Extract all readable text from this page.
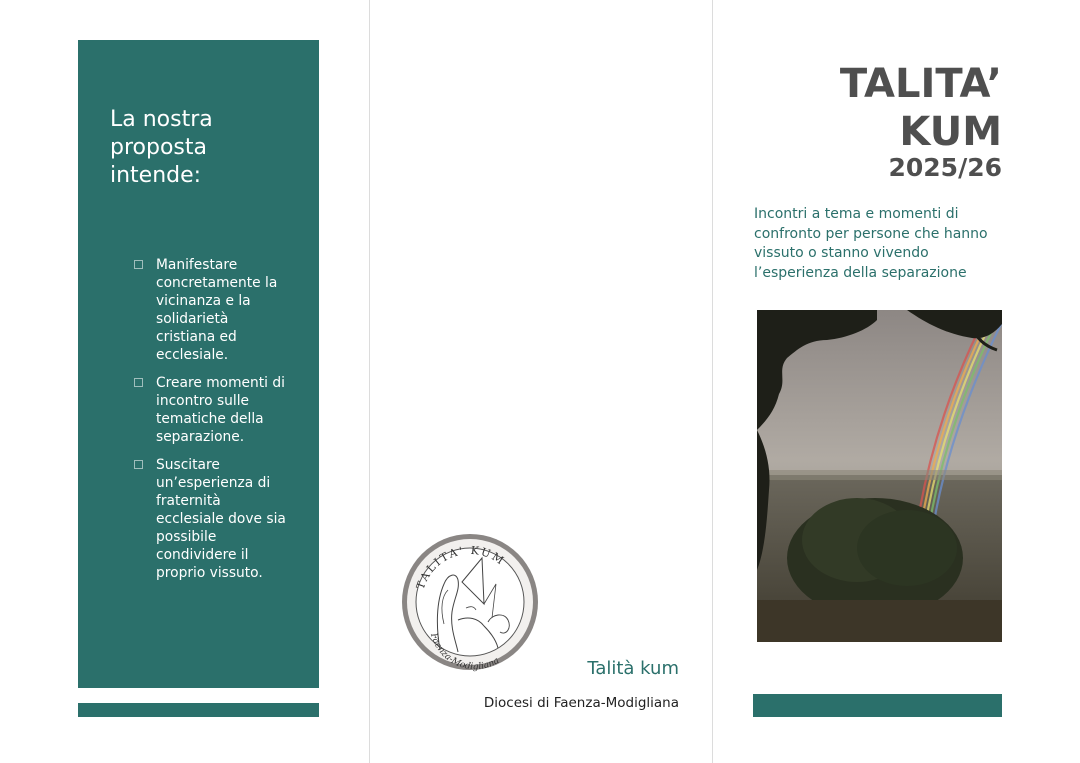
La nostra
proposta
intende:
Manifestare
concretamente la
vicinanza e la
solidarietà
cristiana ed
ecclesiale.
Creare momenti di
incontro sulle
tematiche della
separazione.
Suscitare
un’esperienza di
fraternità
ecclesiale dove sia
possibile
condividere il
proprio vissuto.
TALITA' KUM
Faenza-Modigliana	Talità kum
Diocesi di Faenza-Modigliana
TALITA’
KUM
2025/26
Incontri a tema e momenti di
confronto per persone che hanno
vissuto o stanno vivendo
l’esperienza della separazione
